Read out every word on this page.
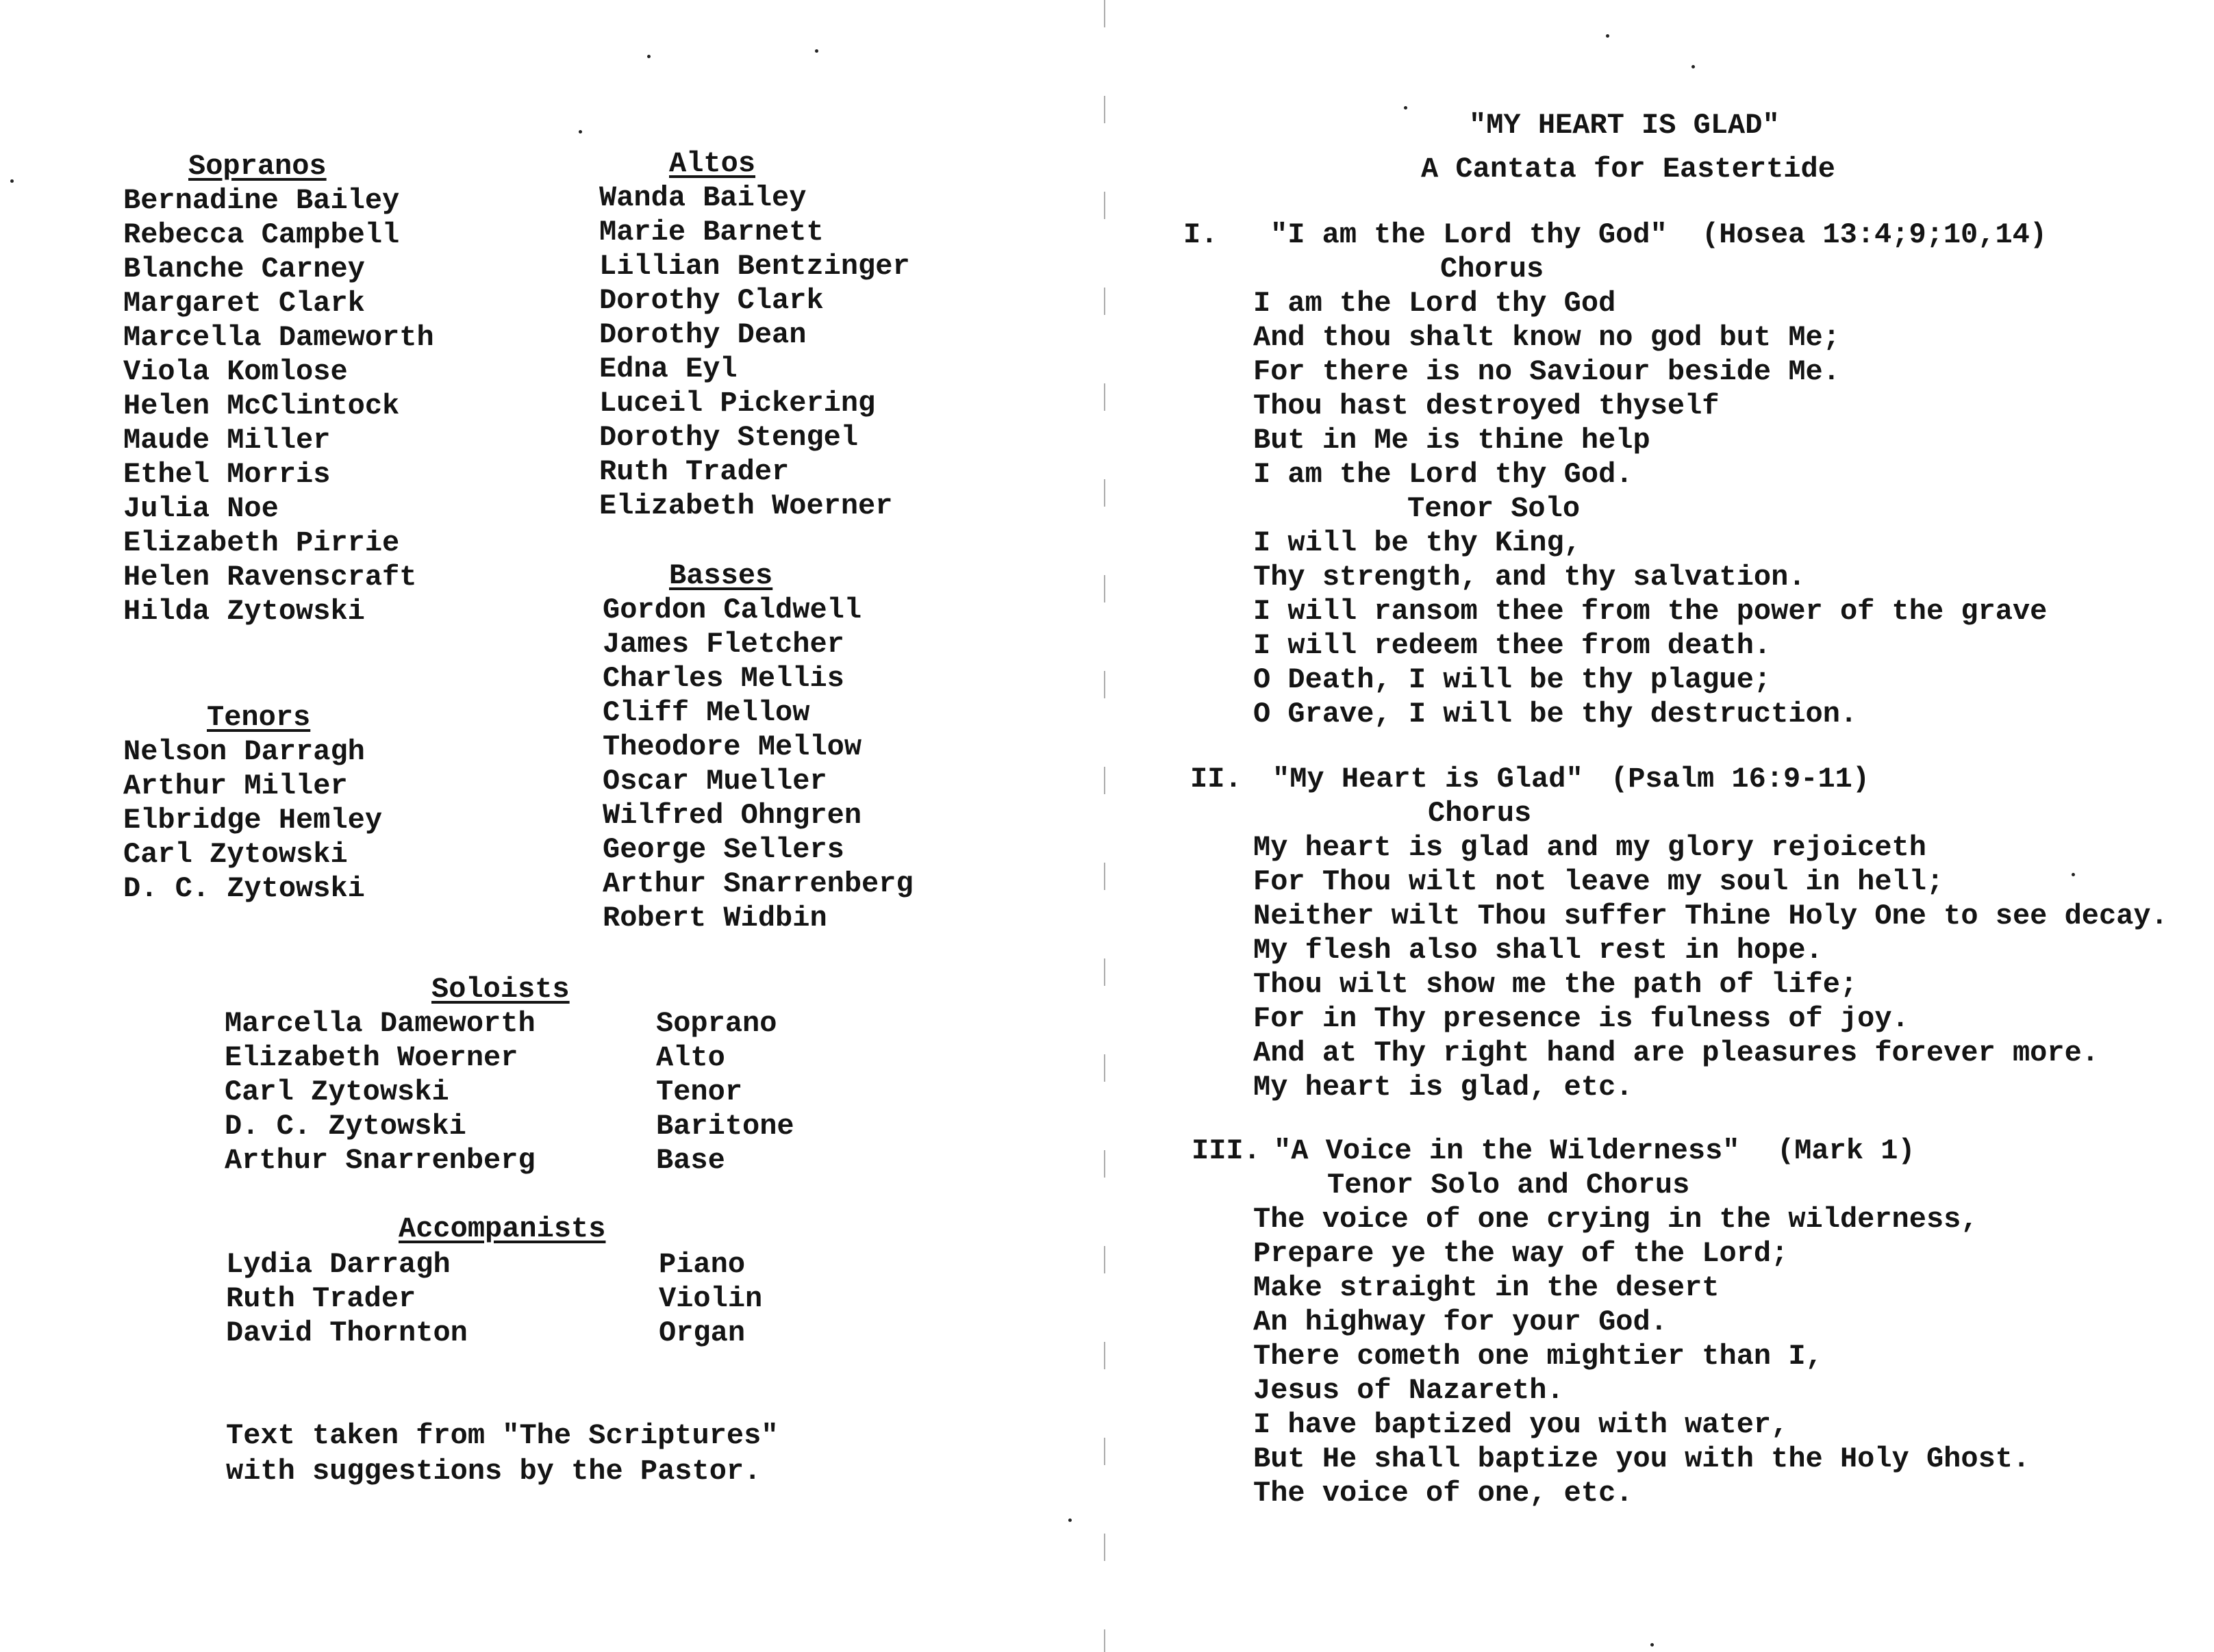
Sopranos
Bernadine Bailey
Rebecca Campbell
Blanche Carney
Margaret Clark
Marcella Dameworth
Viola Komlose
Helen McClintock
Maude Miller
Ethel Morris
Julia Noe
Elizabeth Pirrie
Helen Ravenscraft
Hilda Zytowski
Altos
Wanda Bailey
Marie Barnett
Lillian Bentzinger
Dorothy Clark
Dorothy Dean
Edna Eyl
Luceil Pickering
Dorothy Stengel
Ruth Trader
Elizabeth Woerner
Tenors
Nelson Darragh
Arthur Miller
Elbridge Hemley
Carl Zytowski
D. C. Zytowski
Basses
Gordon Caldwell
James Fletcher
Charles Mellis
Cliff Mellow
Theodore Mellow
Oscar Mueller
Wilfred Ohngren
George Sellers
Arthur Snarrenberg
Robert Widbin
Soloists
Marcella Dameworth
Elizabeth Woerner
Carl Zytowski
D. C. Zytowski
Arthur Snarrenberg
Soprano
Alto
Tenor
Baritone
Base
Accompanists
Lydia Darragh
Ruth Trader
David Thornton
Piano
Violin
Organ
Text taken from "The Scriptures"
with suggestions by the Pastor.
"MY HEART IS GLAD"
A Cantata for Eastertide
I. "I am the Lord thy God" (Hosea 13:4;9;10,14)
Chorus
I am the Lord thy God
And thou shalt know no god but Me;
For there is no Saviour beside Me.
Thou hast destroyed thyself
But in Me is thine help
I am the Lord thy God.
Tenor Solo
I will be thy King,
Thy strength, and thy salvation.
I will ransom thee from the power of the grave
I will redeem thee from death.
O Death, I will be thy plague;
O Grave, I will be thy destruction.
II. "My Heart is Glad" (Psalm 16:9-11)
Chorus
My heart is glad and my glory rejoiceth
For Thou wilt not leave my soul in hell;
Neither wilt Thou suffer Thine Holy One to see decay.
My flesh also shall rest in hope.
Thou wilt show me the path of life;
For in Thy presence is fulness of joy.
And at Thy right hand are pleasures forever more.
My heart is glad, etc.
III. "A Voice in the Wilderness" (Mark 1)
Tenor Solo and Chorus
The voice of one crying in the wilderness,
Prepare ye the way of the Lord;
Make straight in the desert
An highway for your God.
There cometh one mightier than I,
Jesus of Nazareth.
I have baptized you with water,
But He shall baptize you with the Holy Ghost.
The voice of one, etc.
